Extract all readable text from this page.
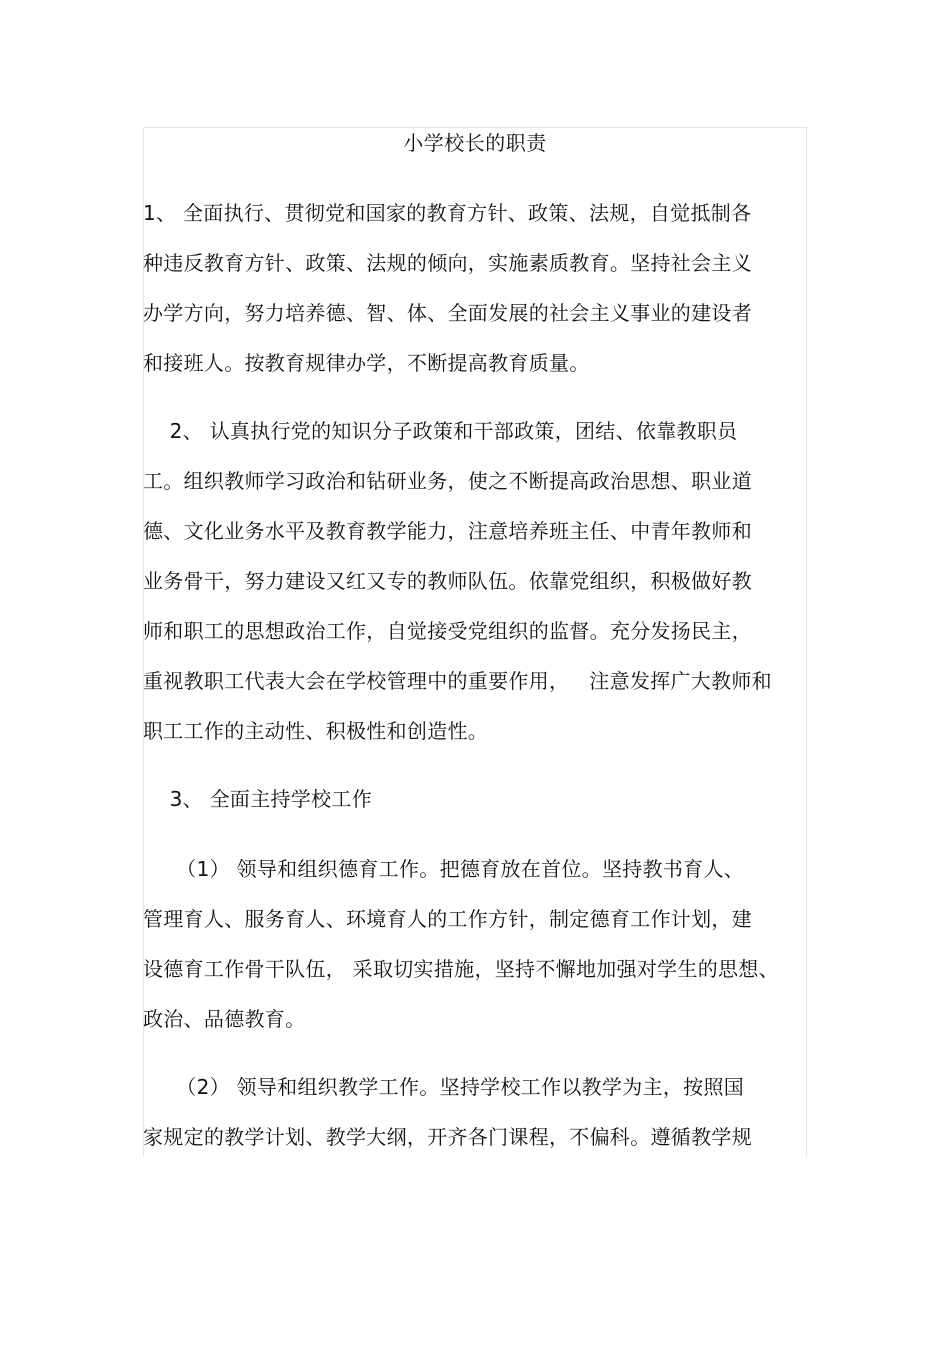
小学校长的职责
1、 全面执行、贯彻党和国家的教育方针、政策、法规，自觉抵制各
种违反教育方针、政策、法规的倾向，实施素质教育。坚持社会主义
办学方向，努力培养德、智、体、全面发展的社会主义事业的建设者
和接班人。按教育规律办学，不断提高教育质量。
2、 认真执行党的知识分子政策和干部政策，团结、依靠教职员
工。组织教师学习政治和钻研业务，使之不断提高政治思想、职业道
德、文化业务水平及教育教学能力，注意培养班主任、中青年教师和
业务骨干，努力建设又红又专的教师队伍。依靠党组织，积极做好教
师和职工的思想政治工作，自觉接受党组织的监督。充分发扬民主，
重视教职工代表大会在学校管理中的重要作用，   注意发挥广大教师和
职工工作的主动性、积极性和创造性。
3、 全面主持学校工作
（1） 领导和组织德育工作。把德育放在首位。坚持教书育人、
管理育人、服务育人、环境育人的工作方针，制定德育工作计划，建
设德育工作骨干队伍， 采取切实措施，坚持不懈地加强对学生的思想、
政治、品德教育。
（2） 领导和组织教学工作。坚持学校工作以教学为主，按照国
家规定的教学计划、教学大纲，开齐各门课程，不偏科。遵循教学规
